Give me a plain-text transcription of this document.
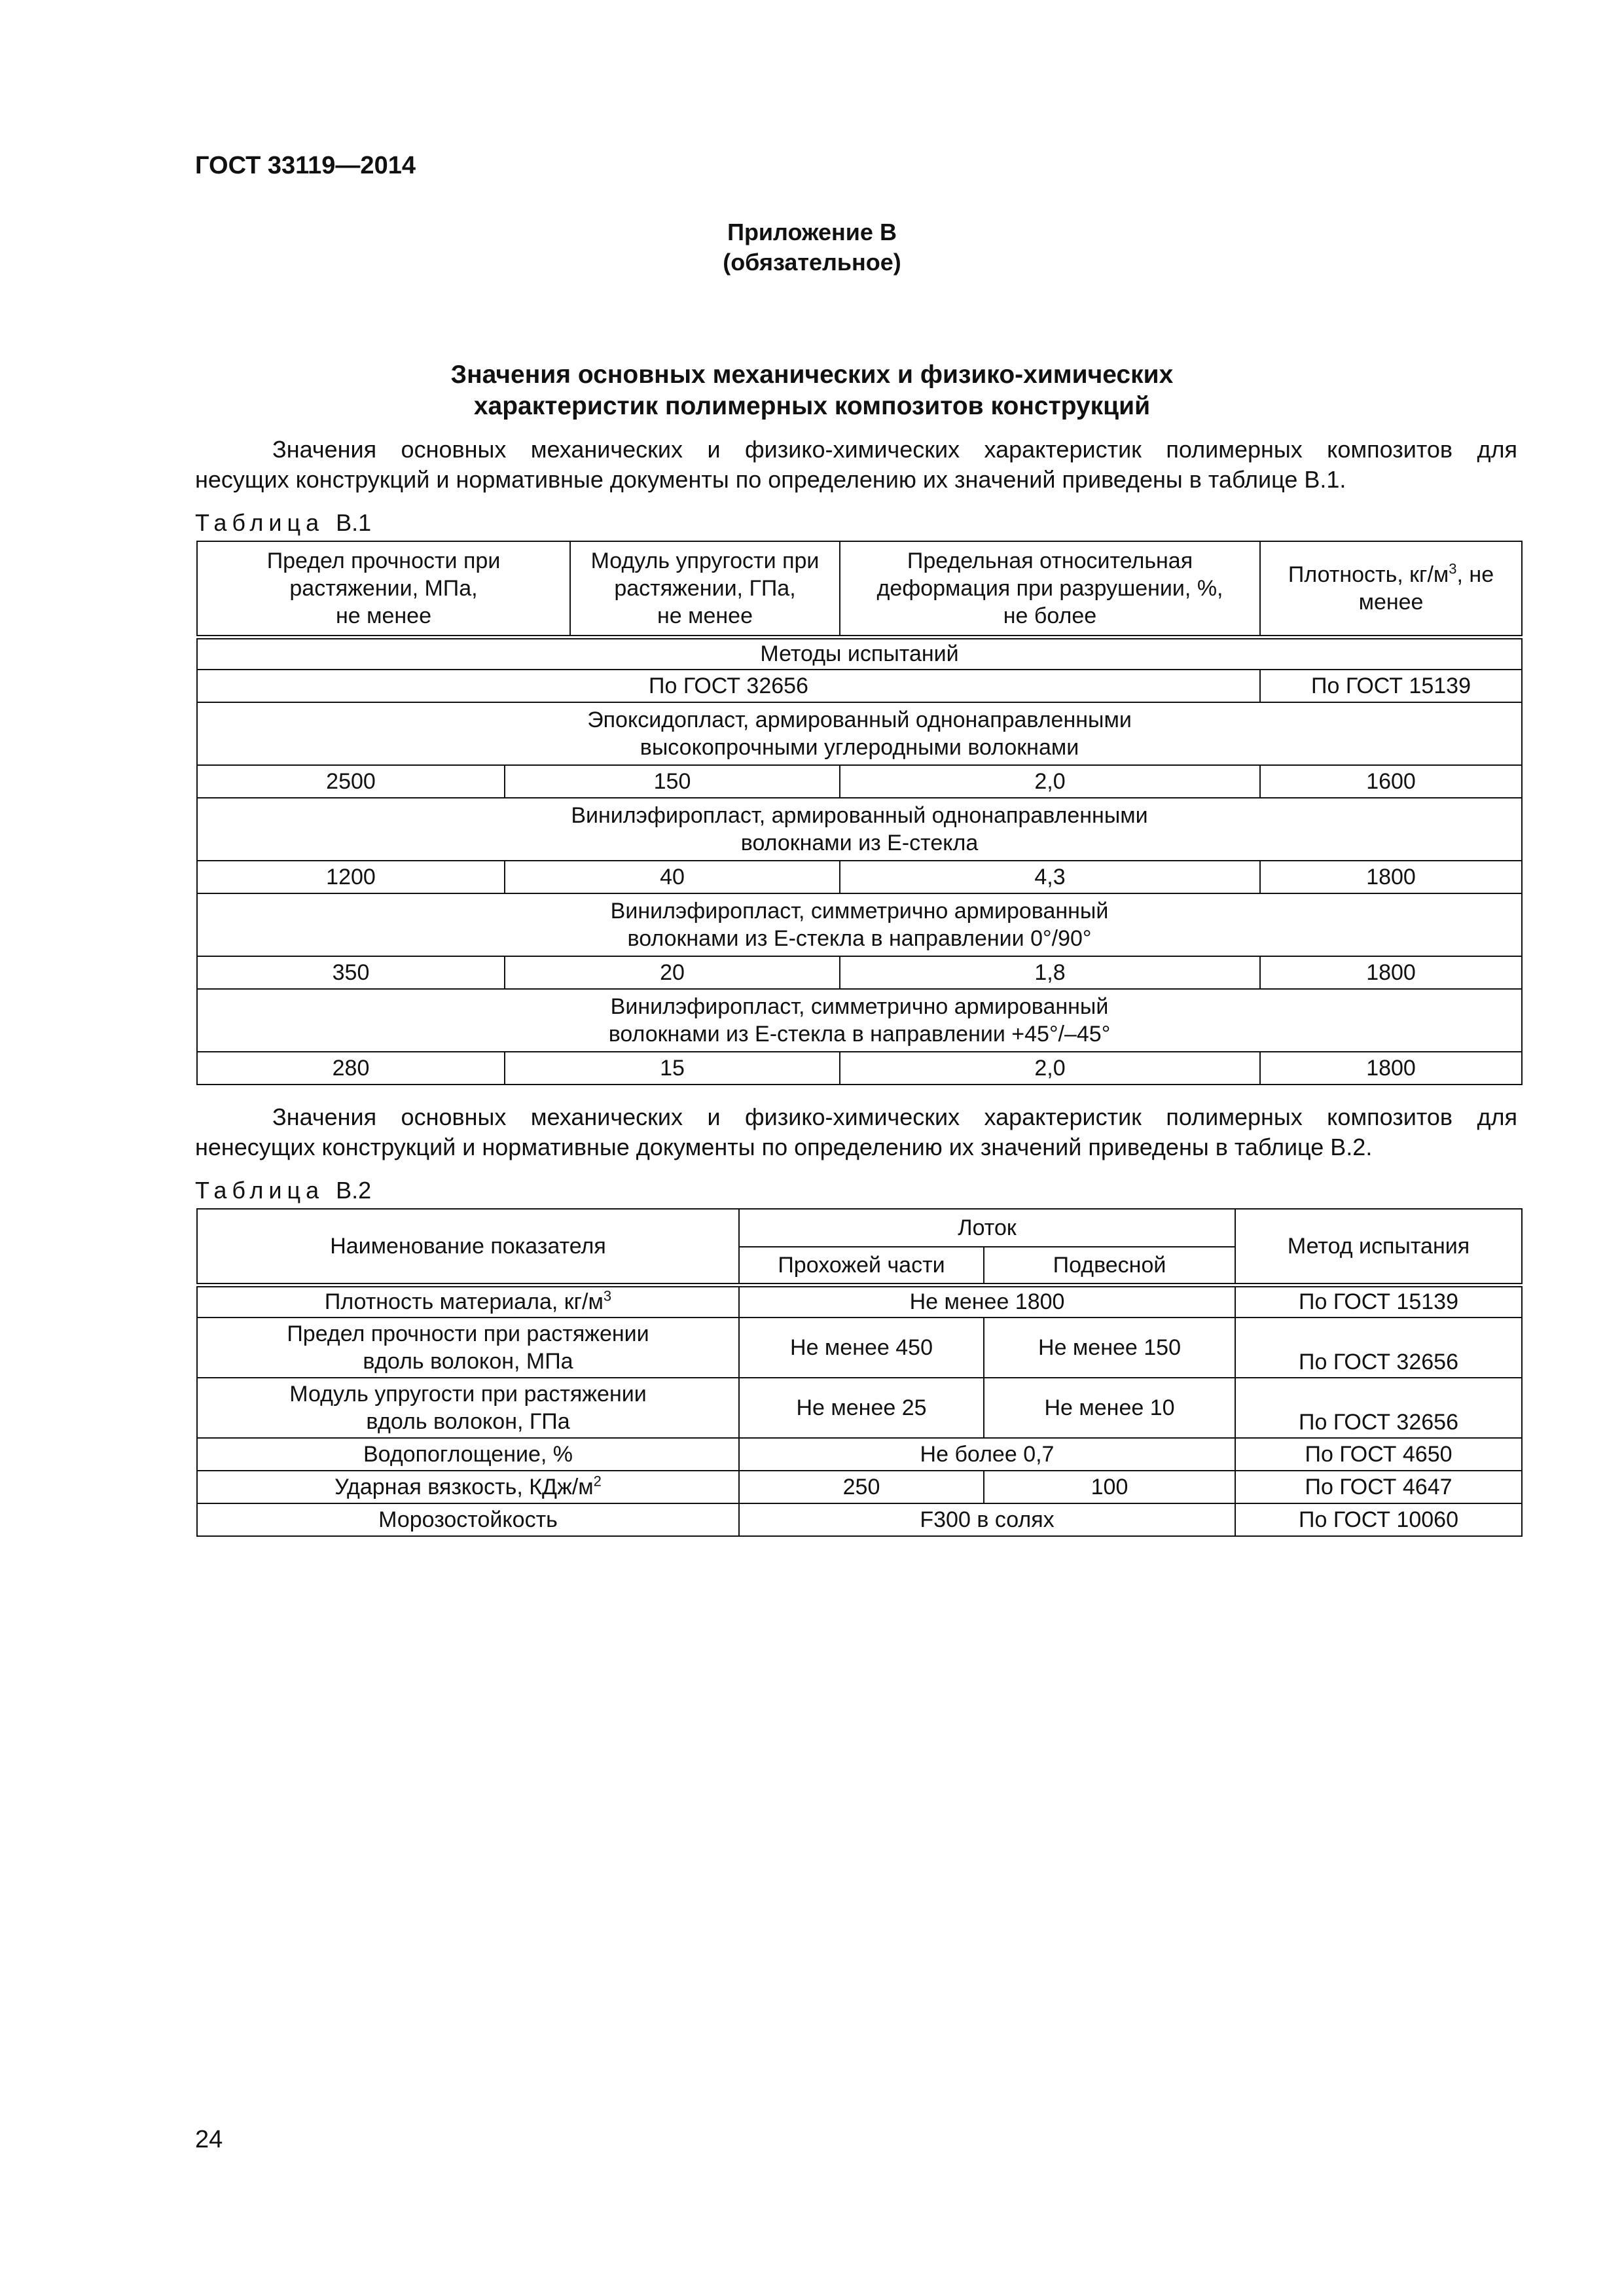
ГОСТ 33119—2014
Приложение В
(обязательное)
Значения основных механических и физико-химических
характеристик полимерных композитов конструкций
Значения основных механических и физико-химических характеристик полимерных композитов для
несущих конструкций и нормативные документы по определению их значений приведены в таблице В.1.
Таблица В.1
Предел прочности при
растяжении, МПа,
не менее		Модуль упругости при
растяжении, ГПа,
не менее	Предельная относительная
деформация при разрушении, %,
не более	Плотность, $кг/м^3$, не
менее
Методы испытаний				
По ГОСТ 32656				По ГОСТ 15139
Эпоксидопласт, армированный однонаправленными
высокопрочными углеродными волокнами				
2500	150		2,0	1600
Винилэфиропласт, армированный однонаправленными
волокнами из Е-стекла				
1200	40		4,3	1800
Винилэфиропласт, симметрично армированный
волокнами из Е-стекла в направлении 0°/90°				
350	20		1,8	1800
Винилэфиропласт, симметрично армированный
волокнами из Е-стекла в направлении +45°/–45°				
280	15		2,0	1800
Значения основных механических и физико-химических характеристик полимерных композитов для
ненесущих конструкций и нормативные документы по определению их значений приведены в таблице В.2.
Таблица В.2
Наименование показателя	Лоток		Метод испытания
	Прохожей части	Подвесной	
Плотность материала, $кг/м^3$	Не менее 1800		По ГОСТ 15139
Предел прочности при растяжении
вдоль волокон, МПа	Не менее 450	Не менее 150	По ГОСТ 32656
Модуль упругости при растяжении
вдоль волокон, ГПа	Не менее 25	Не менее 10	По ГОСТ 32656
Водопоглощение, %	Не более 0,7		По ГОСТ 4650
Ударная вязкость, КДж/$м^2$	250	100	По ГОСТ 4647
Морозостойкость	F300 в солях		По ГОСТ 10060
24
